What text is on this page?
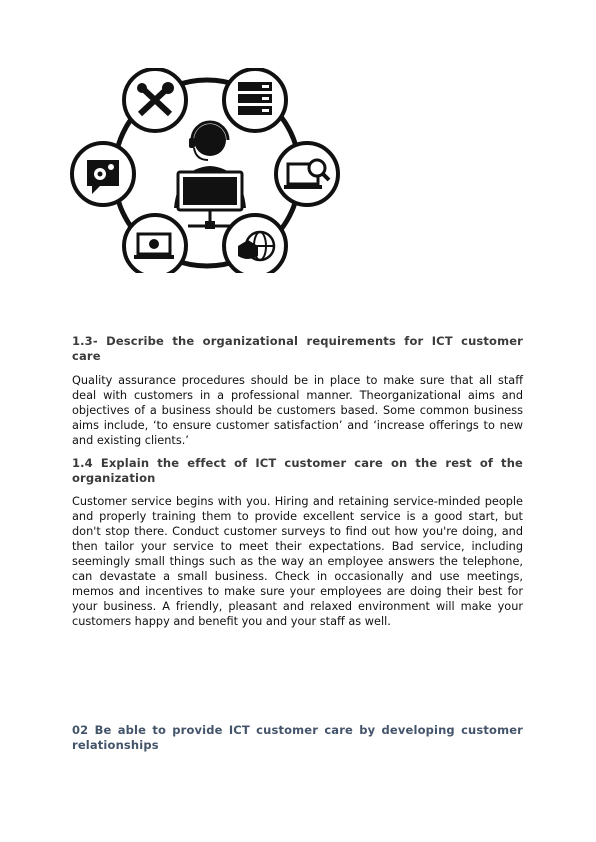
1.3- Describe the organizational requirements for ICT customer care

Quality assurance procedures should be in place to make sure that all staff deal with customers in a professional manner. Theorganizational aims and objectives of a business should be customers based. Some common business aims include, ‘to ensure customer satisfaction’ and ‘increase offerings to new and existing clients.’

1.4 Explain the effect of ICT customer care on the rest of the organization

Customer service begins with you. Hiring and retaining service-minded people and properly training them to provide excellent service is a good start, but don't stop there. Conduct customer surveys to find out how you're doing, and then tailor your service to meet their expectations. Bad service, including seemingly small things such as the way an employee answers the telephone, can devastate a small business. Check in occasionally and use meetings, memos and incentives to make sure your employees are doing their best for your business. A friendly, pleasant and relaxed environment will make your customers happy and benefit you and your staff as well.

02 Be able to provide ICT customer care by developing customer relationships
